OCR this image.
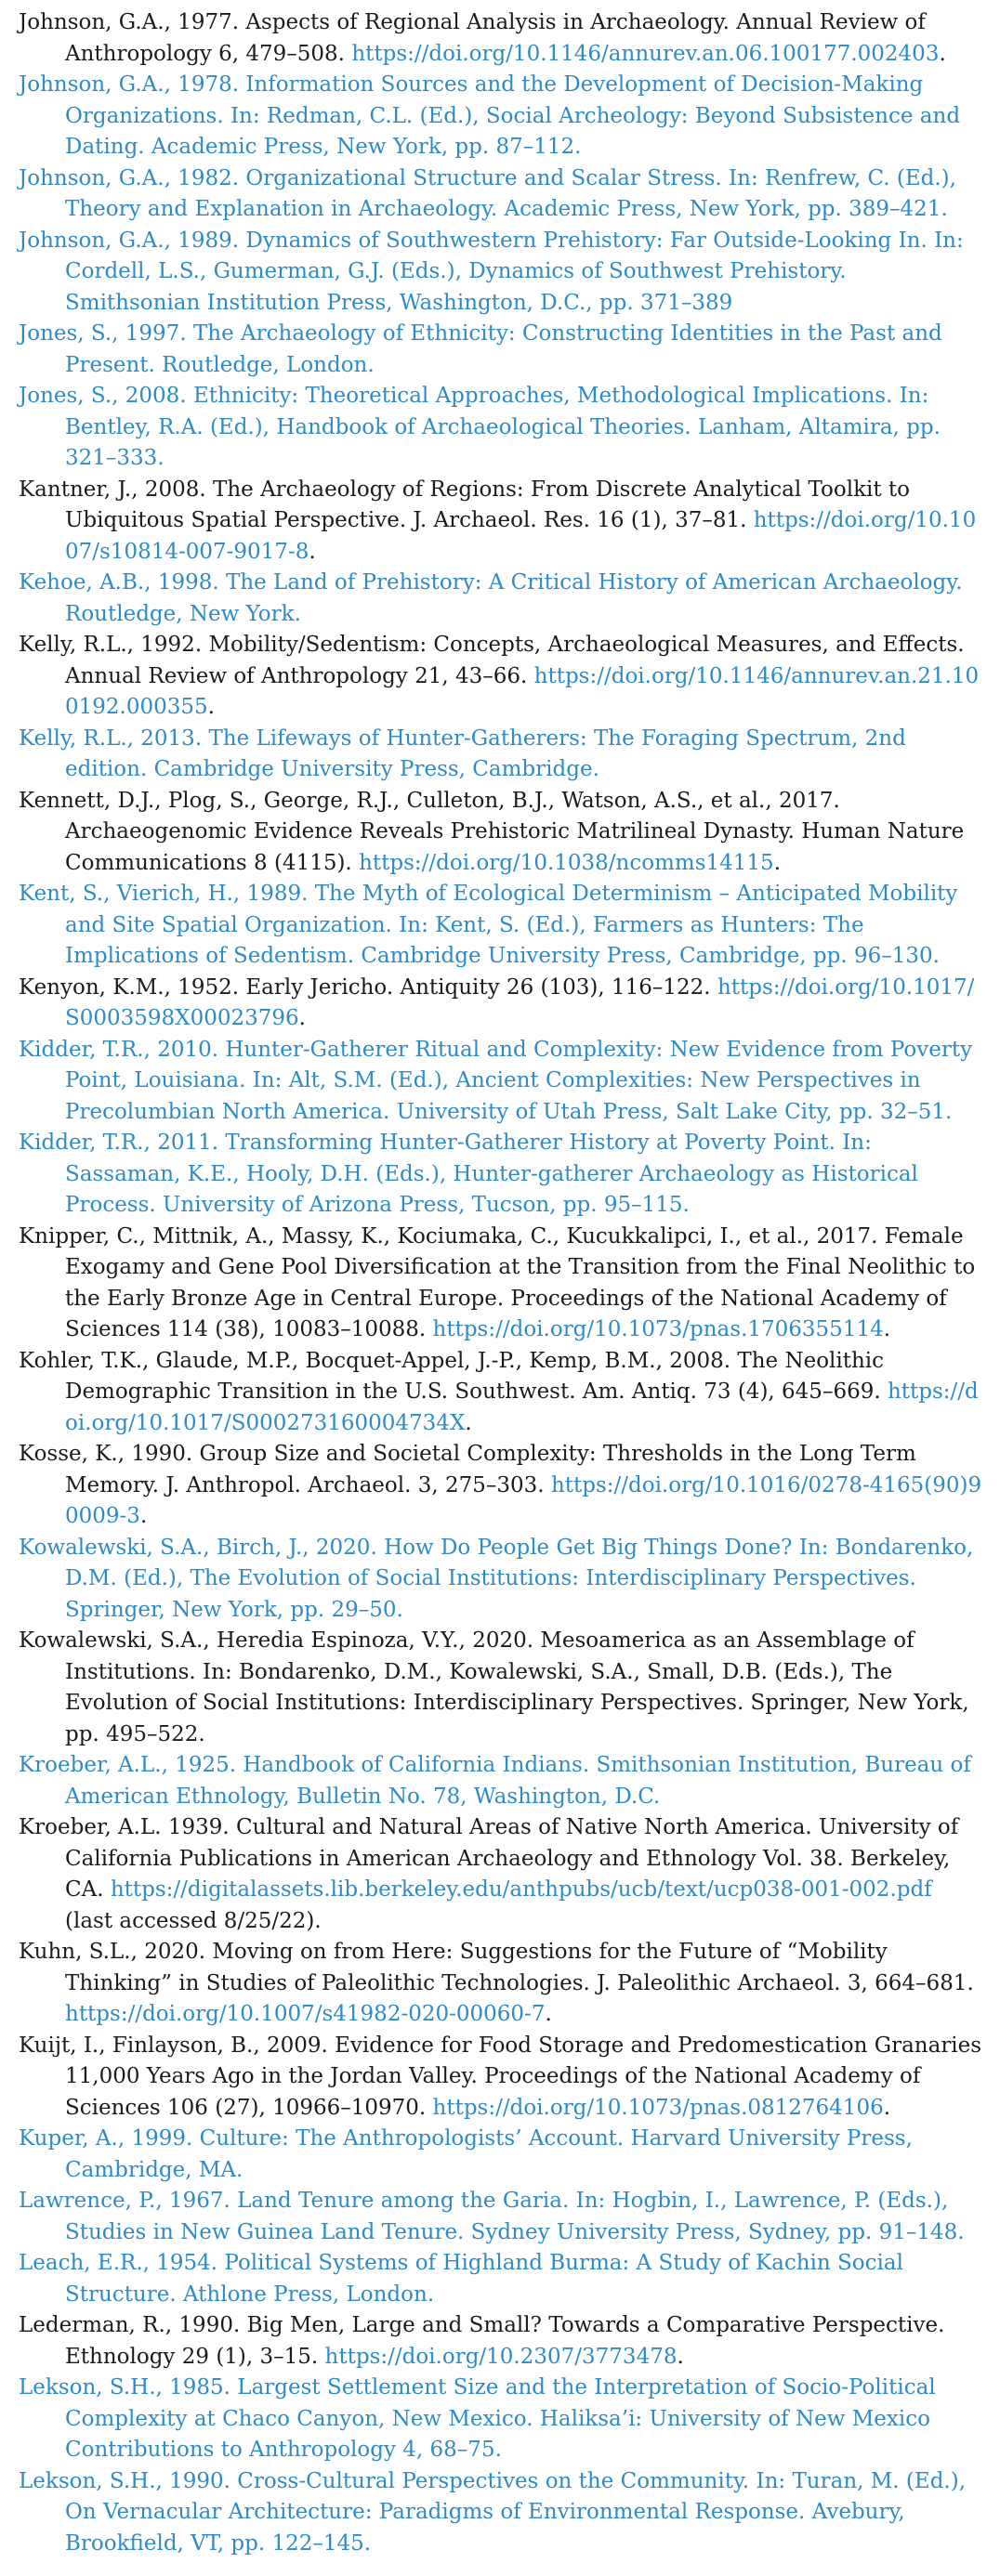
Johnson, G.A., 1977. Aspects of Regional Analysis in Archaeology. Annual Review of Anthropology 6, 479–508. https://doi.org/10.1146/annurev.an.06.100177.002403.

Johnson, G.A., 1978. Information Sources and the Development of Decision-Making Organizations. In: Redman, C.L. (Ed.), Social Archeology: Beyond Subsistence and Dating. Academic Press, New York, pp. 87–112.

Johnson, G.A., 1982. Organizational Structure and Scalar Stress. In: Renfrew, C. (Ed.), Theory and Explanation in Archaeology. Academic Press, New York, pp. 389–421.

Johnson, G.A., 1989. Dynamics of Southwestern Prehistory: Far Outside-Looking In. In: Cordell, L.S., Gumerman, G.J. (Eds.), Dynamics of Southwest Prehistory. Smithsonian Institution Press, Washington, D.C., pp. 371–389

Jones, S., 1997. The Archaeology of Ethnicity: Constructing Identities in the Past and Present. Routledge, London.

Jones, S., 2008. Ethnicity: Theoretical Approaches, Methodological Implications. In: Bentley, R.A. (Ed.), Handbook of Archaeological Theories. Lanham, Altamira, pp. 321–333.

Kantner, J., 2008. The Archaeology of Regions: From Discrete Analytical Toolkit to Ubiquitous Spatial Perspective. J. Archaeol. Res. 16 (1), 37–81. https://doi.org/10.1007/s10814-007-9017-8.

Kehoe, A.B., 1998. The Land of Prehistory: A Critical History of American Archaeology. Routledge, New York.

Kelly, R.L., 1992. Mobility/Sedentism: Concepts, Archaeological Measures, and Effects. Annual Review of Anthropology 21, 43–66. https://doi.org/10.1146/annurev.an.21.100192.000355.

Kelly, R.L., 2013. The Lifeways of Hunter-Gatherers: The Foraging Spectrum, 2nd edition. Cambridge University Press, Cambridge.

Kennett, D.J., Plog, S., George, R.J., Culleton, B.J., Watson, A.S., et al., 2017. Archaeogenomic Evidence Reveals Prehistoric Matrilineal Dynasty. Human Nature Communications 8 (4115). https://doi.org/10.1038/ncomms14115.

Kent, S., Vierich, H., 1989. The Myth of Ecological Determinism – Anticipated Mobility and Site Spatial Organization. In: Kent, S. (Ed.), Farmers as Hunters: The Implications of Sedentism. Cambridge University Press, Cambridge, pp. 96–130.

Kenyon, K.M., 1952. Early Jericho. Antiquity 26 (103), 116–122. https://doi.org/10.1017/S0003598X00023796.

Kidder, T.R., 2010. Hunter-Gatherer Ritual and Complexity: New Evidence from Poverty Point, Louisiana. In: Alt, S.M. (Ed.), Ancient Complexities: New Perspectives in Precolumbian North America. University of Utah Press, Salt Lake City, pp. 32–51.

Kidder, T.R., 2011. Transforming Hunter-Gatherer History at Poverty Point. In: Sassaman, K.E., Hooly, D.H. (Eds.), Hunter-gatherer Archaeology as Historical Process. University of Arizona Press, Tucson, pp. 95–115.

Knipper, C., Mittnik, A., Massy, K., Kociumaka, C., Kucukkalipci, I., et al., 2017. Female Exogamy and Gene Pool Diversification at the Transition from the Final Neolithic to the Early Bronze Age in Central Europe. Proceedings of the National Academy of Sciences 114 (38), 10083–10088. https://doi.org/10.1073/pnas.1706355114.

Kohler, T.K., Glaude, M.P., Bocquet-Appel, J.-P., Kemp, B.M., 2008. The Neolithic Demographic Transition in the U.S. Southwest. Am. Antiq. 73 (4), 645–669. https://doi.org/10.1017/S000273160004734X.

Kosse, K., 1990. Group Size and Societal Complexity: Thresholds in the Long Term Memory. J. Anthropol. Archaeol. 3, 275–303. https://doi.org/10.1016/0278-4165(90)90009-3.

Kowalewski, S.A., Birch, J., 2020. How Do People Get Big Things Done? In: Bondarenko, D.M. (Ed.), The Evolution of Social Institutions: Interdisciplinary Perspectives. Springer, New York, pp. 29–50.

Kowalewski, S.A., Heredia Espinoza, V.Y., 2020. Mesoamerica as an Assemblage of Institutions. In: Bondarenko, D.M., Kowalewski, S.A., Small, D.B. (Eds.), The Evolution of Social Institutions: Interdisciplinary Perspectives. Springer, New York, pp. 495–522.

Kroeber, A.L., 1925. Handbook of California Indians. Smithsonian Institution, Bureau of American Ethnology, Bulletin No. 78, Washington, D.C.

Kroeber, A.L. 1939. Cultural and Natural Areas of Native North America. University of California Publications in American Archaeology and Ethnology Vol. 38. Berkeley, CA. https://digitalassets.lib.berkeley.edu/anthpubs/ucb/text/ucp038-001-002.pdf (last accessed 8/25/22).

Kuhn, S.L., 2020. Moving on from Here: Suggestions for the Future of “Mobility Thinking” in Studies of Paleolithic Technologies. J. Paleolithic Archaeol. 3, 664–681. https://doi.org/10.1007/s41982-020-00060-7.

Kuijt, I., Finlayson, B., 2009. Evidence for Food Storage and Predomestication Granaries 11,000 Years Ago in the Jordan Valley. Proceedings of the National Academy of Sciences 106 (27), 10966–10970. https://doi.org/10.1073/pnas.0812764106.

Kuper, A., 1999. Culture: The Anthropologists’ Account. Harvard University Press, Cambridge, MA.

Lawrence, P., 1967. Land Tenure among the Garia. In: Hogbin, I., Lawrence, P. (Eds.), Studies in New Guinea Land Tenure. Sydney University Press, Sydney, pp. 91–148.

Leach, E.R., 1954. Political Systems of Highland Burma: A Study of Kachin Social Structure. Athlone Press, London.

Lederman, R., 1990. Big Men, Large and Small? Towards a Comparative Perspective. Ethnology 29 (1), 3–15. https://doi.org/10.2307/3773478.

Lekson, S.H., 1985. Largest Settlement Size and the Interpretation of Socio-Political Complexity at Chaco Canyon, New Mexico. Haliksa’i: University of New Mexico Contributions to Anthropology 4, 68–75.

Lekson, S.H., 1990. Cross-Cultural Perspectives on the Community. In: Turan, M. (Ed.), On Vernacular Architecture: Paradigms of Environmental Response. Avebury, Brookfield, VT, pp. 122–145.
